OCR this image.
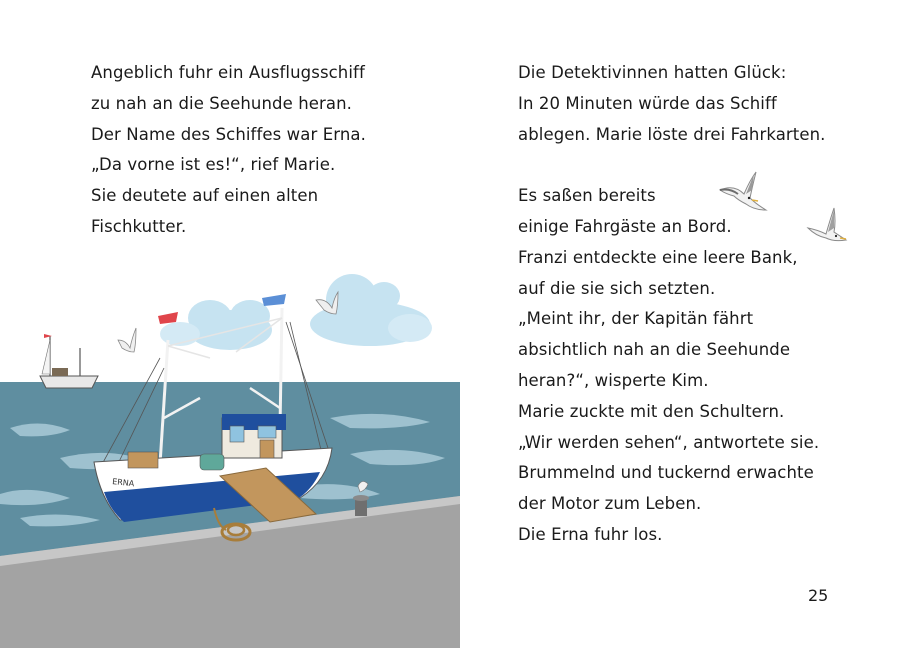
Angeblich fuhr ein Ausflugsschiff
zu nah an die Seehunde heran.
Der Name des Schiffes war Erna.
„Da vorne ist es!“, rief Marie.
Sie deutete auf einen alten
Fischkutter.
Die Detektivinnen hatten Glück:
In 20 Minuten würde das Schiff
ablegen. Marie löste drei Fahrkarten.
Es saßen bereits
einige Fahrgäste an Bord.
Franzi entdeckte eine leere Bank,
auf die sie sich setzten.
„Meint ihr, der Kapitän fährt
absichtlich nah an die Seehunde
heran?“, wisperte Kim.
Marie zuckte mit den Schultern.
„Wir werden sehen“, antwortete sie.
Brummelnd und tuckernd erwachte
der Motor zum Leben.
Die Erna fuhr los.
ERNA
25
